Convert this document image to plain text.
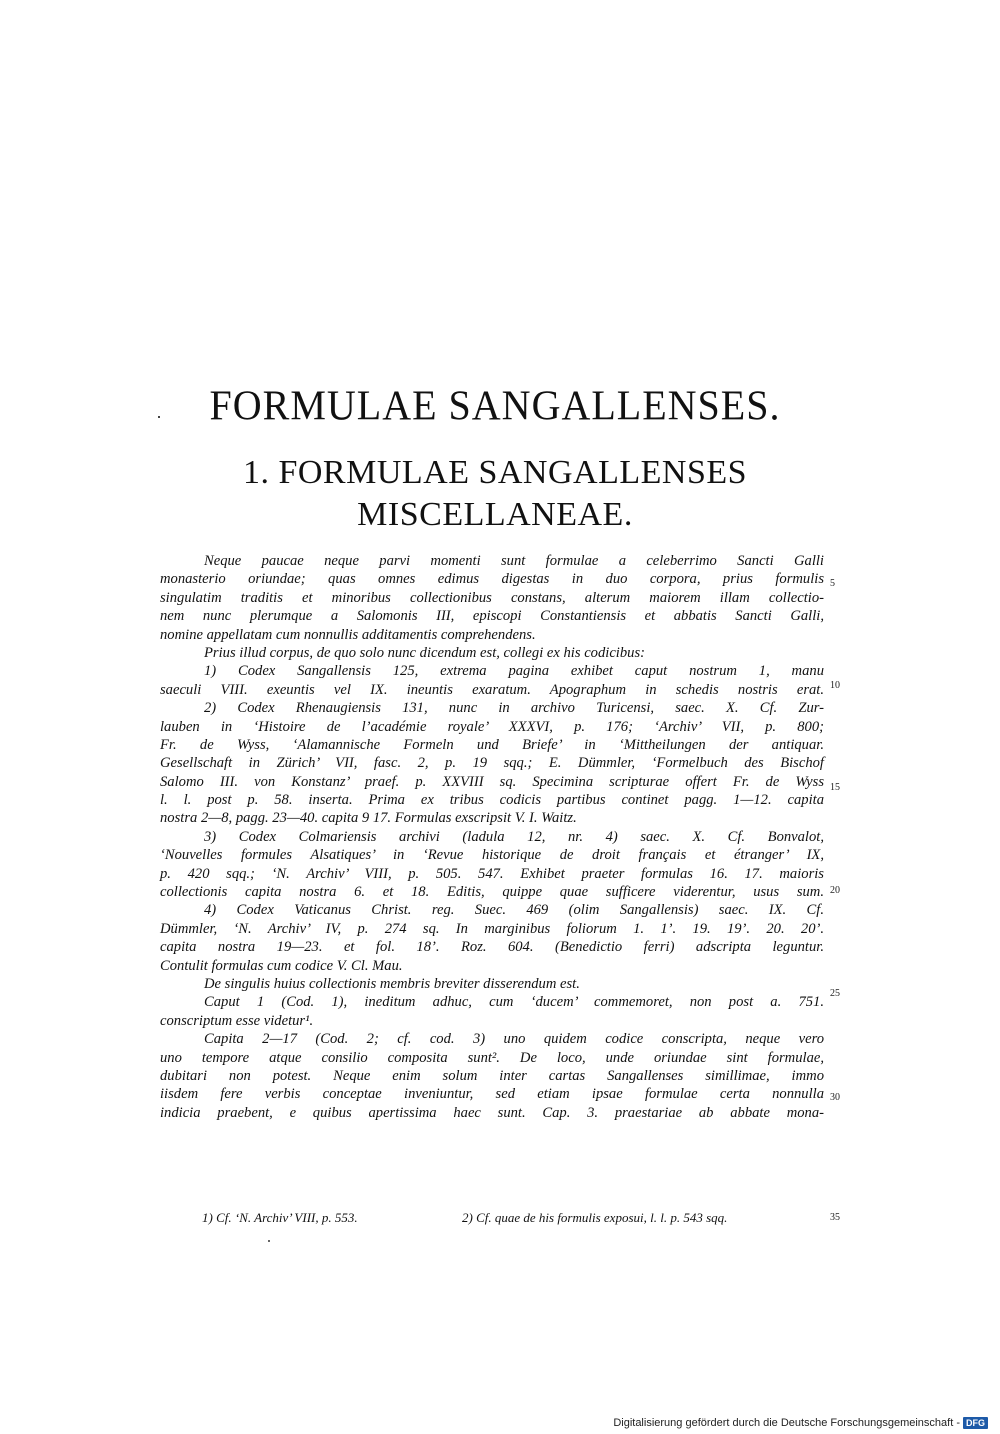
FORMULAE SANGALLENSES.
1. FORMULAE SANGALLENSES
MISCELLANEAE.
Neque paucae neque parvi momenti sunt formulae a celeberrimo Sancti Galli
monasterio oriundae; quas omnes edimus digestas in duo corpora, prius formulis
singulatim traditis et minoribus collectionibus constans, alterum maiorem illam collectio-
nem nunc plerumque a Salomonis III, episcopi Constantiensis et abbatis Sancti Galli,
nomine appellatam cum nonnullis additamentis comprehendens.
Prius illud corpus, de quo solo nunc dicendum est, collegi ex his codicibus:
1) Codex Sangallensis 125, extrema pagina exhibet caput nostrum 1, manu
saeculi VIII. exeuntis vel IX. ineuntis exaratum. Apographum in schedis nostris erat.
2) Codex Rhenaugiensis 131, nunc in archivo Turicensi, saec. X. Cf. Zur-
lauben in ‘Histoire de l’académie royale’ XXXVI, p. 176; ‘Archiv’ VII, p. 800;
Fr. de Wyss, ‘Alamannische Formeln und Briefe’ in ‘Mittheilungen der antiquar.
Gesellschaft in Zürich’ VII, fasc. 2, p. 19 sqq.; E. Dümmler, ‘Formelbuch des Bischof
Salomo III. von Konstanz’ praef. p. XXVIII sq. Specimina scripturae offert Fr. de Wyss
l. l. post p. 58. inserta. Prima ex tribus codicis partibus continet pagg. 1—12. capita
nostra 2—8, pagg. 23—40. capita 9 17. Formulas exscripsit V. I. Waitz.
3) Codex Colmariensis archivi (ladula 12, nr. 4) saec. X. Cf. Bonvalot,
‘Nouvelles formules Alsatiques’ in ‘Revue historique de droit français et étranger’ IX,
p. 420 sqq.; ‘N. Archiv’ VIII, p. 505. 547. Exhibet praeter formulas 16. 17. maioris
collectionis capita nostra 6. et 18. Editis, quippe quae sufficere viderentur, usus sum.
4) Codex Vaticanus Christ. reg. Suec. 469 (olim Sangallensis) saec. IX. Cf.
Dümmler, ‘N. Archiv’ IV, p. 274 sq. In marginibus foliorum 1. 1’. 19. 19’. 20. 20’.
capita nostra 19—23. et fol. 18’. Roz. 604. (Benedictio ferri) adscripta leguntur.
Contulit formulas cum codice V. Cl. Mau.
De singulis huius collectionis membris breviter disserendum est.
Caput 1 (Cod. 1), ineditum adhuc, cum ‘ducem’ commemoret, non post a. 751.
conscriptum esse videtur¹.
Capita 2—17 (Cod. 2; cf. cod. 3) uno quidem codice conscripta, neque vero
uno tempore atque consilio composita sunt². De loco, unde oriundae sint formulae,
dubitari non potest. Neque enim solum inter cartas Sangallenses simillimae, immo
iisdem fere verbis conceptae inveniuntur, sed etiam ipsae formulae certa nonnulla
indicia praebent, e quibus apertissima haec sunt. Cap. 3. praestariae ab abbate mona-
5
10
15
20
25
30
1) Cf. ‘N. Archiv’ VIII, p. 553.	2) Cf. quae de his formulis exposui, l. l. p. 543 sqq.	35
Digitalisierung gefördert durch die Deutsche Forschungsgemeinschaft - DFG
